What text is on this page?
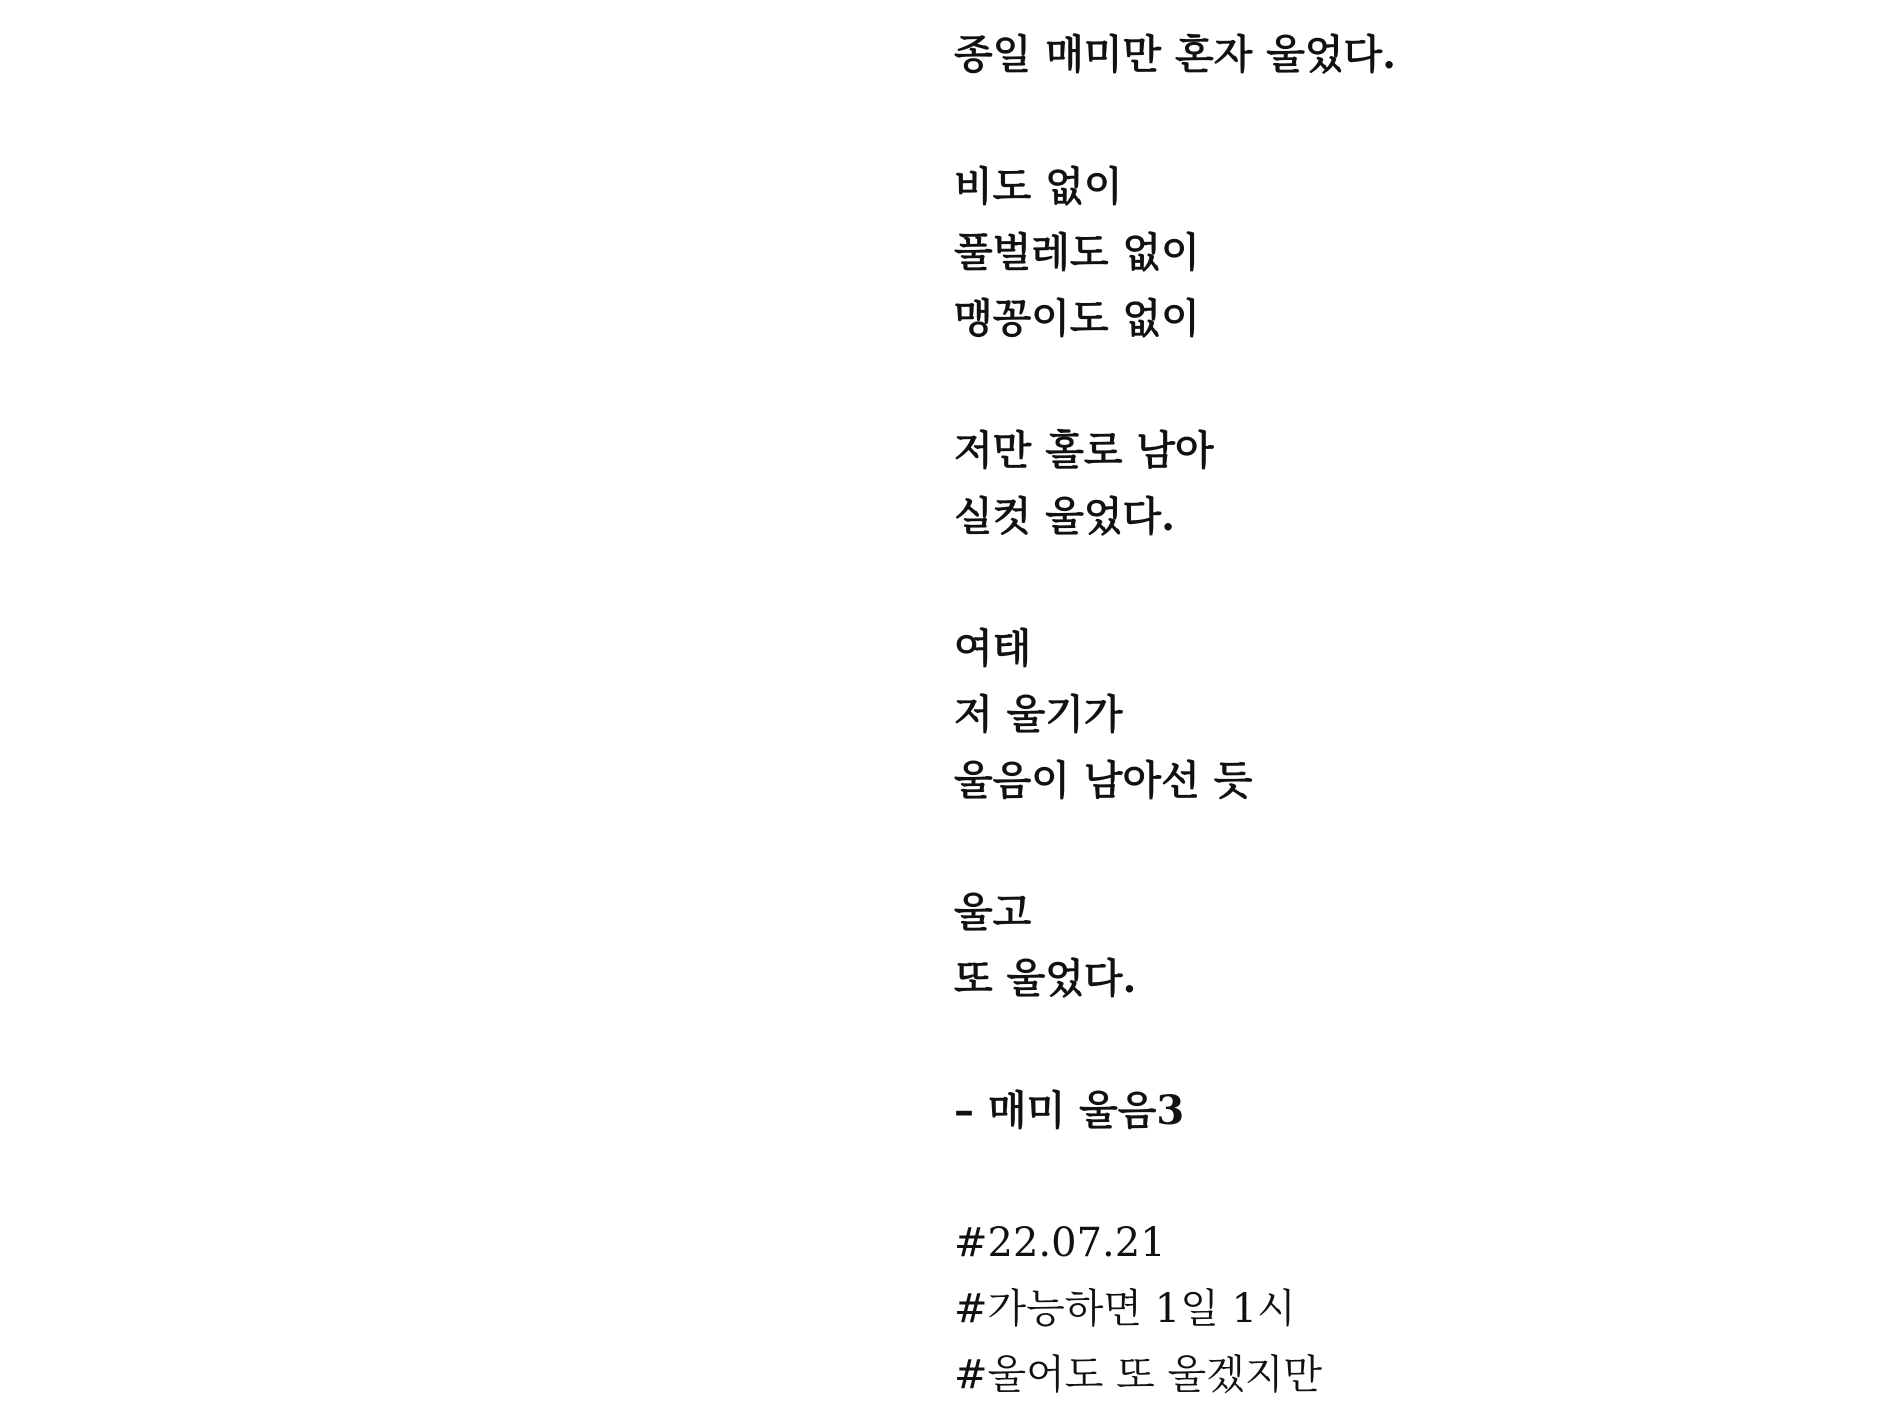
종일 매미만 혼자 울었다.
비도 없이
풀벌레도 없이
맹꽁이도 없이
저만 홀로 남아
실컷 울었다.
여태
저 울기가
울음이 남아선 듯
울고
또 울었다.
– 매미 울음3
#22.07.21
#가능하면 1일 1시
#울어도 또 울겠지만
